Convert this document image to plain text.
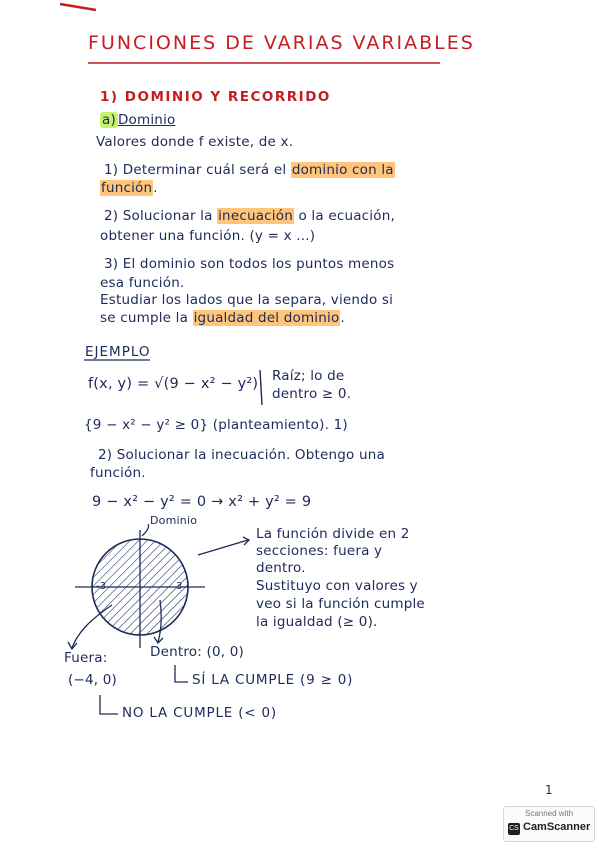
FUNCIONES DE VARIAS VARIABLES
1) DOMINIO Y RECORRIDO
a) Dominio
Valores donde f existe, de x.
1) Determinar cuál será el dominio con la
función.
2) Solucionar la inecuación o la ecuación,
obtener una función. (y = x ...)
3) El dominio son todos los puntos menos
esa función.
Estudiar los lados que la separa, viendo si
se cumple la igualdad del dominio.
EJEMPLO
f(x, y) = √(9 − x² − y²) Raíz; lo de
dentro ≥ 0.
{9 − x² − y² ≥ 0} (planteamiento). 1)
2) Solucionar la inecuación. Obtengo una
función.
9 − x² − y² = 0 → x² + y² = 9
Dominio
-3	3
La función divide en 2
secciones: fuera y
dentro.
Sustituyo con valores y
veo si la función cumple
la igualdad (≥ 0).
Fuera:
(−4, 0)
Dentro: (0, 0)
SÍ LA CUMPLE (9 ≥ 0)
NO LA CUMPLE (< 0)
1
Scanned with
CS CamScanner
